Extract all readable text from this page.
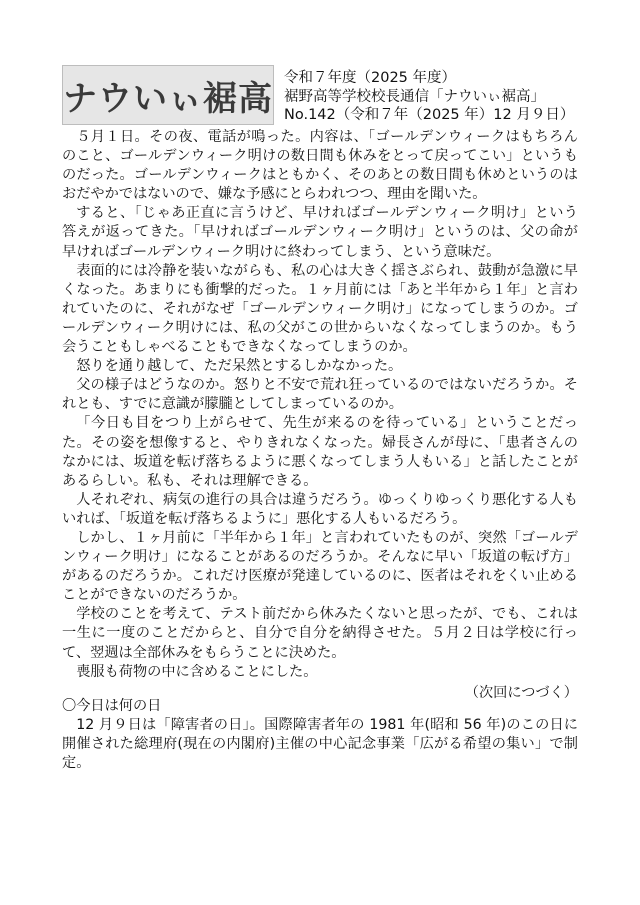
ナウいぃ裾高
令和７年度（2025 年度）
裾野高等学校校長通信「ナウいぃ裾高」
No.142（令和７年（2025 年）12 月９日）

５月１日。その夜、電話が鳴った。内容は、「ゴールデンウィークはもちろんのこと、ゴールデンウィーク明けの数日間も休みをとって戻ってこい」というものだった。ゴールデンウィークはともかく、そのあとの数日間も休めというのはおだやかではないので、嫌な予感にとらわれつつ、理由を聞いた。

すると、「じゃあ正直に言うけど、早ければゴールデンウィーク明け」という答えが返ってきた。「早ければゴールデンウィーク明け」というのは、父の命が早ければゴールデンウィーク明けに終わってしまう、という意味だ。

表面的には冷静を装いながらも、私の心は大きく揺さぶられ、鼓動が急激に早くなった。あまりにも衝撃的だった。１ヶ月前には「あと半年から１年」と言われていたのに、それがなぜ「ゴールデンウィーク明け」になってしまうのか。ゴールデンウィーク明けには、私の父がこの世からいなくなってしまうのか。もう会うこともしゃべることもできなくなってしまうのか。

怒りを通り越して、ただ呆然とするしかなかった。

父の様子はどうなのか。怒りと不安で荒れ狂っているのではないだろうか。それとも、すでに意識が朦朧としてしまっているのか。

「今日も目をつり上がらせて、先生が来るのを待っている」ということだった。その姿を想像すると、やりきれなくなった。婦長さんが母に、「患者さんのなかには、坂道を転げ落ちるように悪くなってしまう人もいる」と話したことがあるらしい。私も、それは理解できる。

人それぞれ、病気の進行の具合は違うだろう。ゆっくりゆっくり悪化する人もいれば、「坂道を転げ落ちるように」悪化する人もいるだろう。

しかし、１ヶ月前に「半年から１年」と言われていたものが、突然「ゴールデンウィーク明け」になることがあるのだろうか。そんなに早い「坂道の転げ方」があるのだろうか。これだけ医療が発達しているのに、医者はそれをくい止めることができないのだろうか。

学校のことを考えて、テスト前だから休みたくないと思ったが、でも、これは一生に一度のことだからと、自分で自分を納得させた。５月２日は学校に行って、翌週は全部休みをもらうことに決めた。

喪服も荷物の中に含めることにした。

（次回につづく）

〇今日は何の日

12 月９日は「障害者の日」。国際障害者年の 1981 年(昭和 56 年)のこの日に開催された総理府(現在の内閣府)主催の中心記念事業「広がる希望の集い」で制定。
